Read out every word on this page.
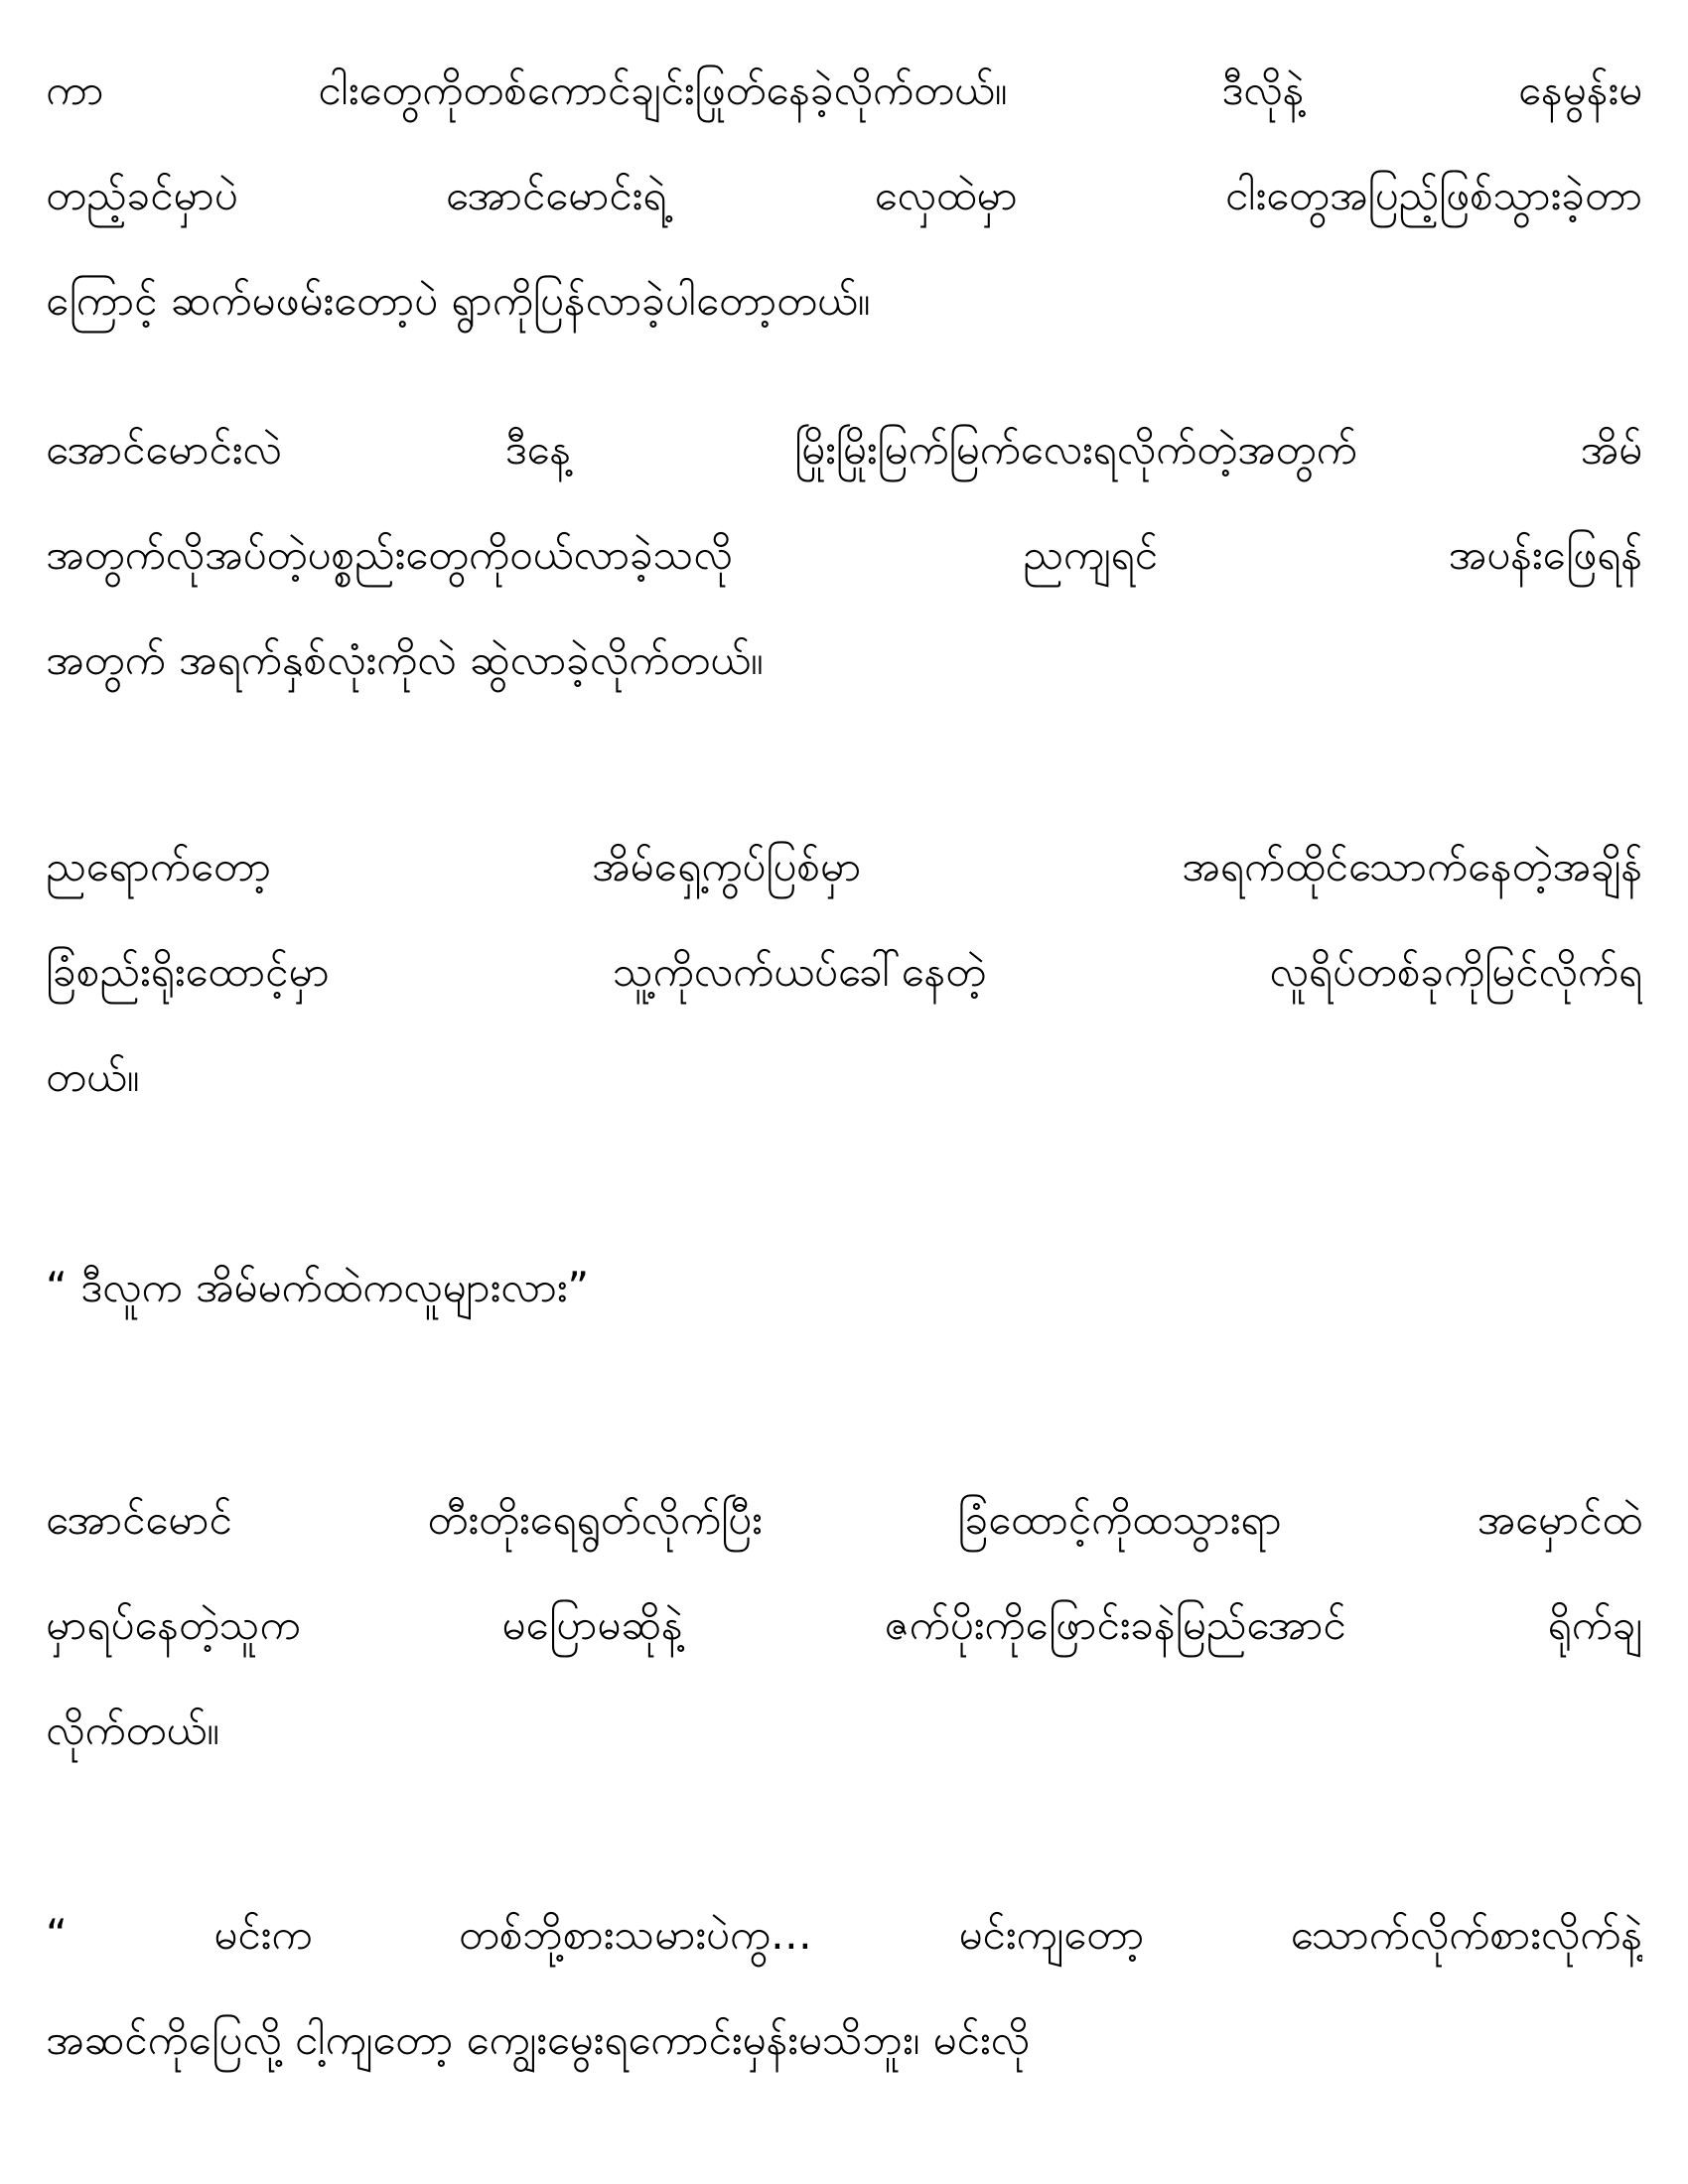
ကာ ငါးတွေကိုတစ်ကောင်ချင်းဖြုတ်နေခဲ့လိုက်တယ်။ ဒီလိုနဲ့ နေမွန်းမ
တည့်ခင်မှာပဲ အောင်မောင်းရဲ့ လှေထဲမှာ ငါးတွေအပြည့်ဖြစ်သွားခဲ့တာ
ကြောင့် ဆက်မဖမ်းတော့ပဲ ရွာကိုပြန်လာခဲ့ပါတော့တယ်။
အောင်မောင်းလဲ ဒီနေ့ မြိုးမြိုးမြက်မြက်လေးရလိုက်တဲ့အတွက် အိမ်
အတွက်လိုအပ်တဲ့ပစ္စည်းတွေကိုဝယ်လာခဲ့သလို ညကျရင် အပန်းဖြေရန်
အတွက် အရက်နှစ်လုံးကိုလဲ ဆွဲလာခဲ့လိုက်တယ်။
ညရောက်တော့ အိမ်ရှေ့ကွပ်ပြစ်မှာ အရက်ထိုင်သောက်နေတဲ့အချိန်
ခြံစည်းရိုးထောင့်မှာ သူ့ကိုလက်ယပ်ခေါ်နေတဲ့ လူရိပ်တစ်ခုကိုမြင်လိုက်ရ
တယ်။
“ ဒီလူက အိမ်မက်ထဲကလူများလား”
အောင်မောင် တီးတိုးရေရွတ်လိုက်ပြီး ခြံထောင့်ကိုထသွားရာ အမှောင်ထဲ
မှာရပ်နေတဲ့သူက မပြောမဆိုနဲ့ ဇက်ပိုးကိုဖြောင်းခနဲမြည်အောင် ရိုက်ချ
လိုက်တယ်။
“ မင်းက တစ်ဘို့စားသမားပဲကွ… မင်းကျတော့ သောက်လိုက်စားလိုက်နဲ့
အဆင်ကိုပြေလို့ ငါ့ကျတော့ ကျွေးမွေးရကောင်းမှန်းမသိဘူး၊ မင်းလို
